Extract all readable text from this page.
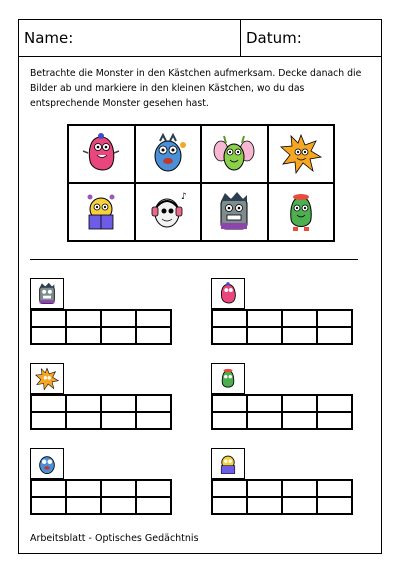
Name:	Datum:
Betrachte die Monster in den Kästchen aufmerksam. Decke danach die Bilder ab und markiere in den kleinen Kästchen, wo du das entsprechende Monster gesehen hast.
♪
Arbeitsblatt - Optisches Gedächtnis
